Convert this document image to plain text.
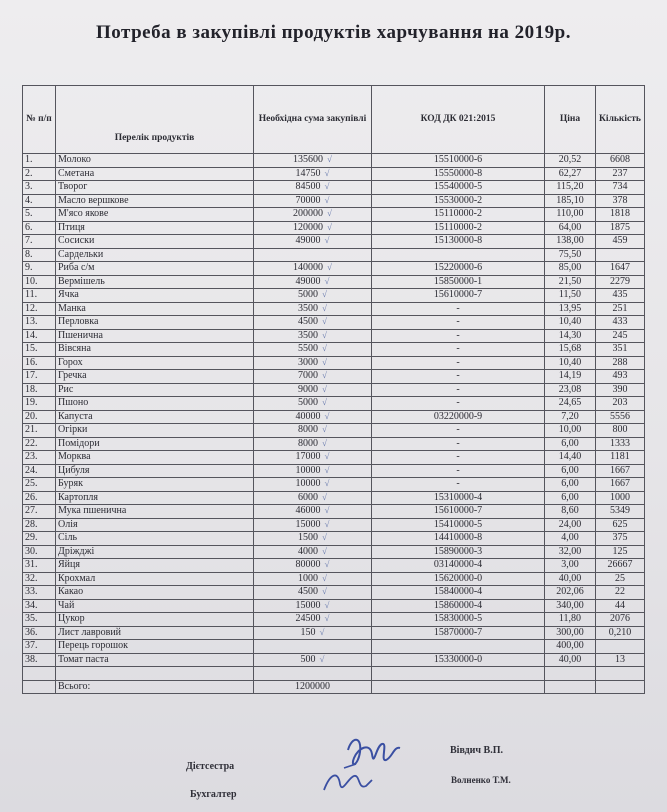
Потреба в закупівлі продуктів харчування на 2019р.
№ п/п	Перелік продуктів	Необхідна сума закупівлі	КОД ДК 021:2015	Ціна	Кількість
1.	Молоко	135600 √	15510000-6	20,52	6608
2.	Сметана	14750 √	15550000-8	62,27	237
3.	Творог	84500 √	15540000-5	115,20	734
4.	Масло вершкове	70000 √	15530000-2	185,10	378
5.	М'ясо якове	200000 √	15110000-2	110,00	1818
6.	Птиця	120000 √	15110000-2	64,00	1875
7.	Сосиски	49000 √	15130000-8	138,00	459
8.	Сардельки			75,50	
9.	Риба с/м	140000 √	15220000-6	85,00	1647
10.	Вермішель	49000 √	15850000-1	21,50	2279
11.	Ячка	5000 √	15610000-7	11,50	435
12.	Манка	3500 √	-	13,95	251
13.	Перловка	4500 √	-	10,40	433
14.	Пшенична	3500 √	-	14,30	245
15.	Вівсяна	5500 √	-	15,68	351
16.	Горох	3000 √	-	10,40	288
17.	Гречка	7000 √	-	14,19	493
18.	Рис	9000 √	-	23,08	390
19.	Пшоно	5000 √	-	24,65	203
20.	Капуста	40000 √	03220000-9	7,20	5556
21.	Огірки	8000 √	-	10,00	800
22.	Помідори	8000 √	-	6,00	1333
23.	Морква	17000 √	-	14,40	1181
24.	Цибуля	10000 √	-	6,00	1667
25.	Буряк	10000 √	-	6,00	1667
26.	Картопля	6000 √	15310000-4	6,00	1000
27.	Мука пшенична	46000 √	15610000-7	8,60	5349
28.	Олія	15000 √	15410000-5	24,00	625
29.	Сіль	1500 √	14410000-8	4,00	375
30.	Дріжджі	4000 √	15890000-3	32,00	125
31.	Яйця	80000 √	03140000-4	3,00	26667
32.	Крохмал	1000 √	15620000-0	40,00	25
33.	Какао	4500 √	15840000-4	202,06	22
34.	Чай	15000 √	15860000-4	340,00	44
35.	Цукор	24500 √	15830000-5	11,80	2076
36.	Лист лавровий	150 √	15870000-7	300,00	0,210
37.	Перець горошок			400,00	
38.	Томат паста	500 √	15330000-0	40,00	13

	Всього:	1200000			
Дієтсестра
Вівдич В.П.
Бухгалтер
Волненко Т.М.
